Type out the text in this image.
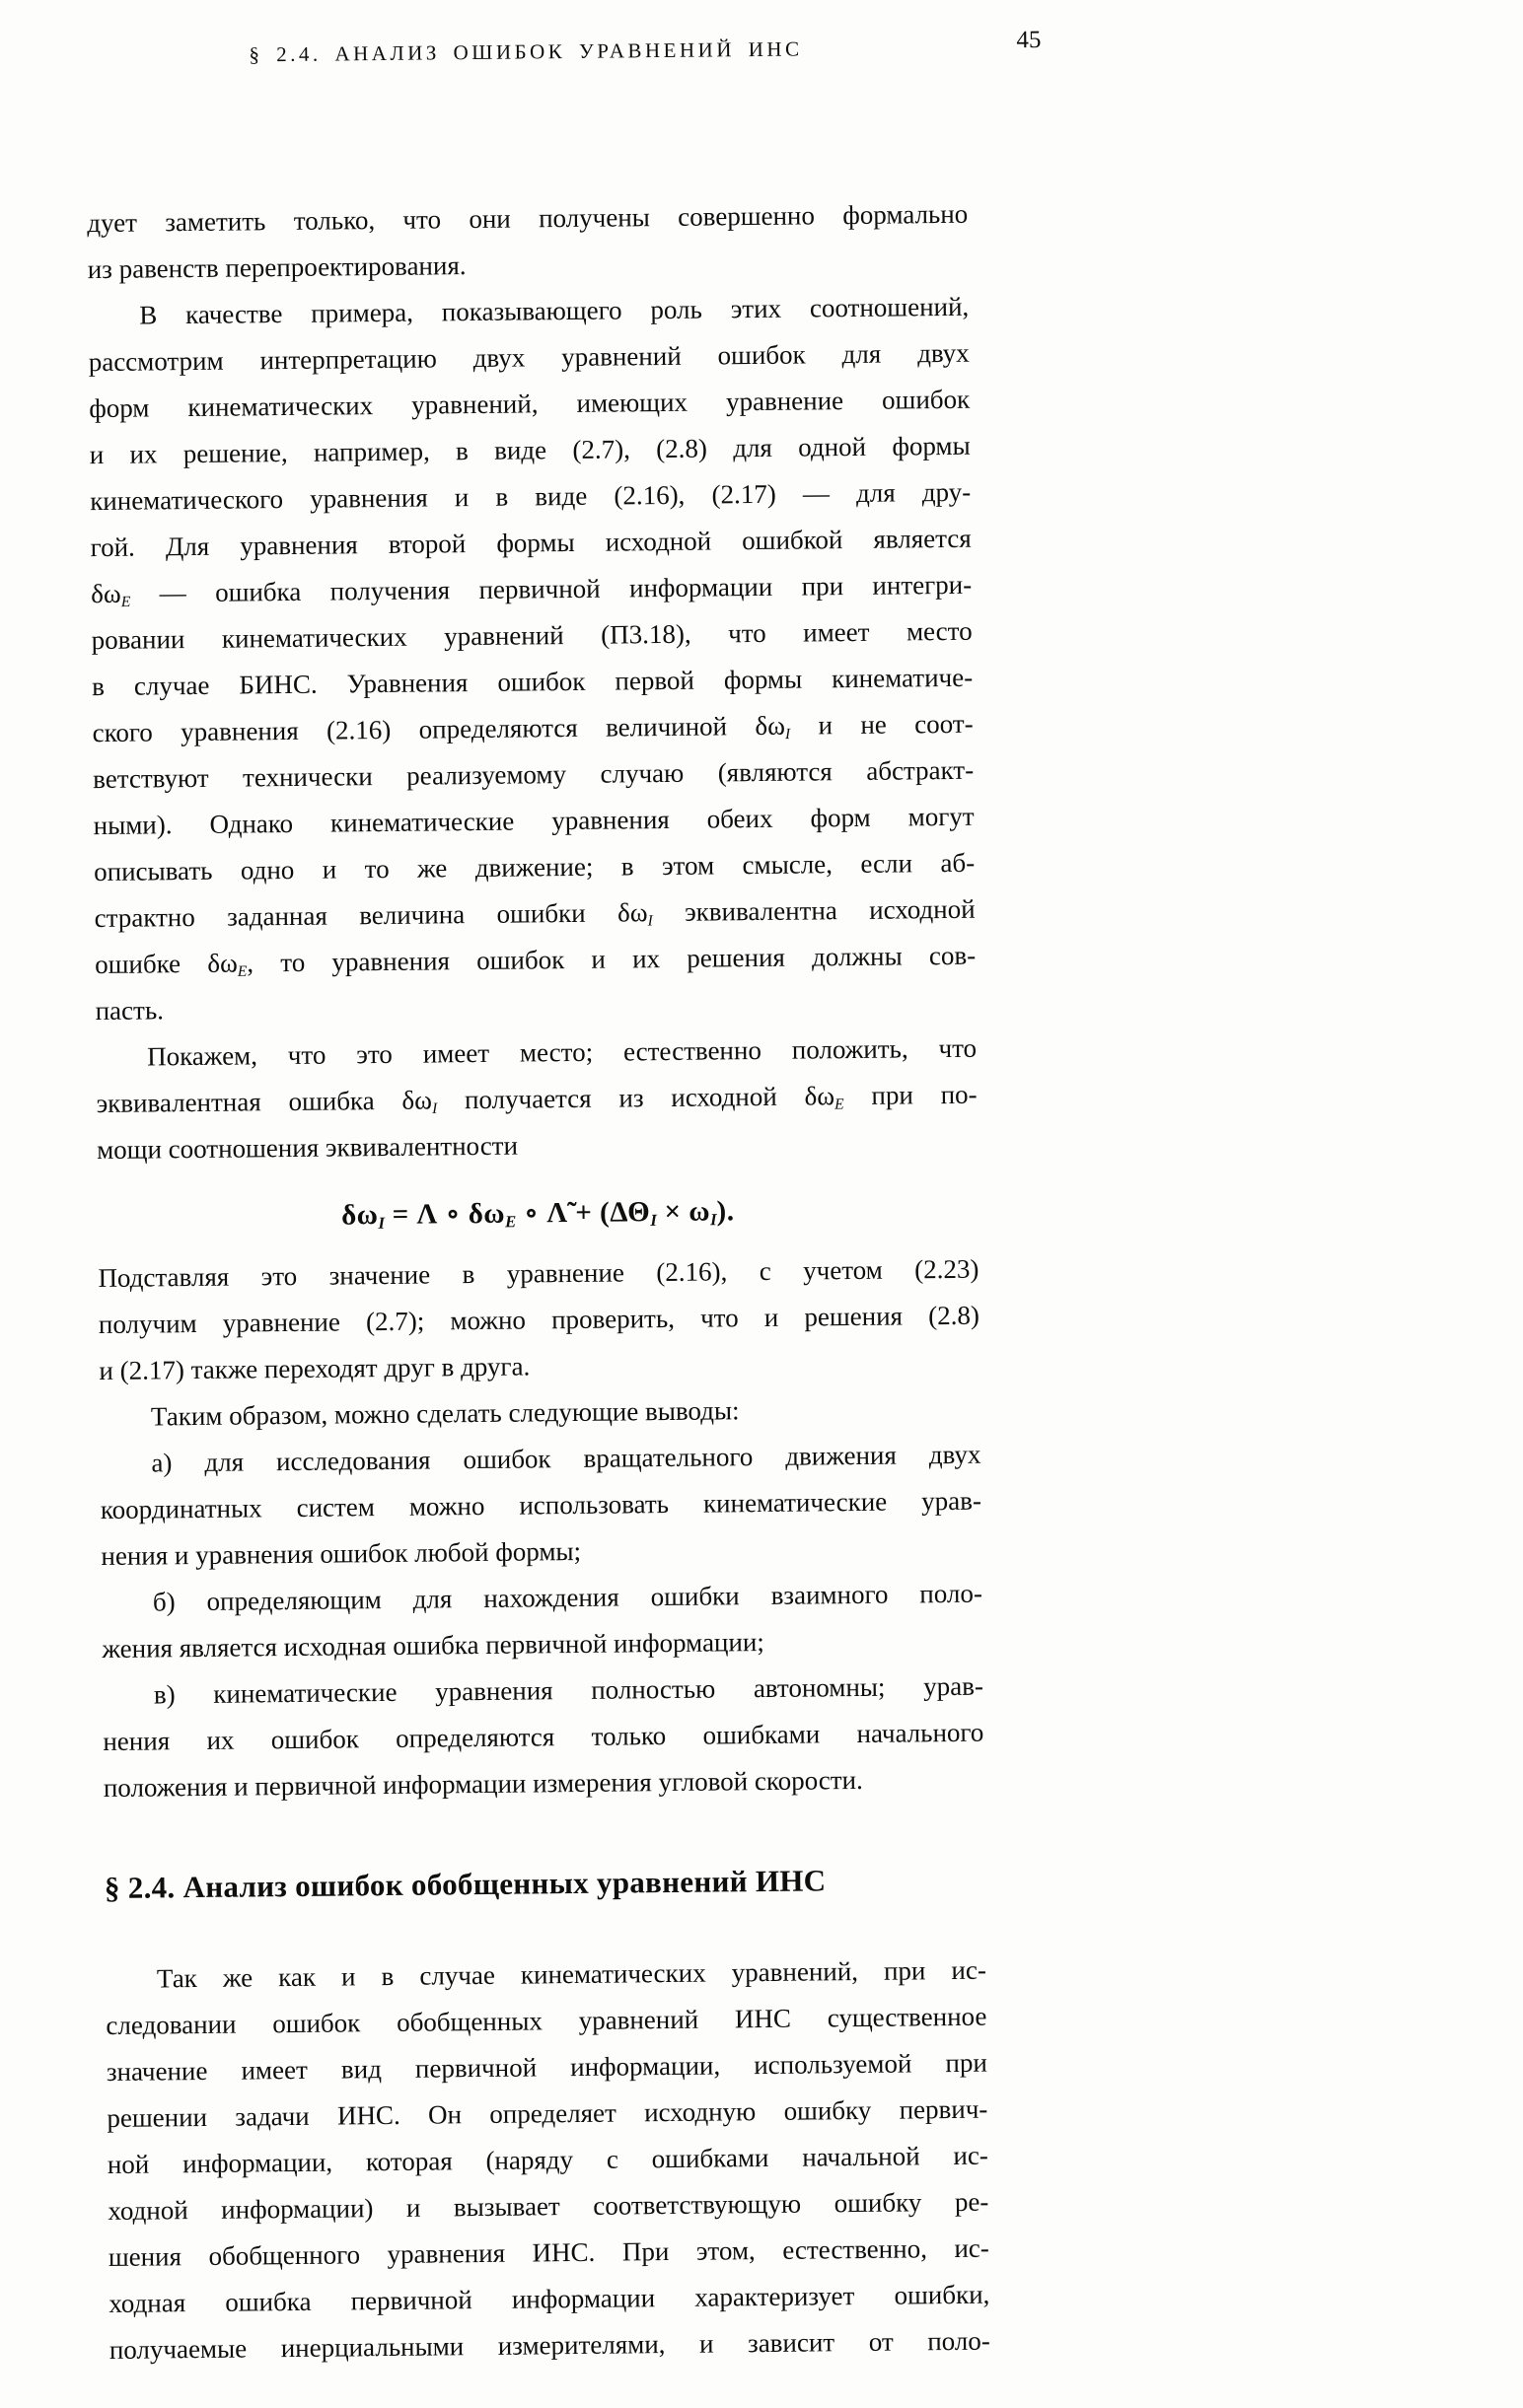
§ 2.4. АНАЛИЗ ОШИБОК УРАВНЕНИЙ ИНС	45
дует заметить только, что они получены совершенно формально
из равенств перепроектирования.
В качестве примера, показывающего роль этих соотношений,
рассмотрим интерпретацию двух уравнений ошибок для двух
форм кинематических уравнений, имеющих уравнение ошибок
и их решение, например, в виде (2.7), (2.8) для одной формы
кинематического уравнения и в виде (2.16), (2.17) — для дру-
гой. Для уравнения второй формы исходной ошибкой является
$\delta\omega_E$ — ошибка получения первичной информации при интегри-
ровании кинематических уравнений (П3.18), что имеет место
в случае БИНС. Уравнения ошибок первой формы кинематиче-
ского уравнения (2.16) определяются величиной $\delta\omega_I$ и не соот-
ветствуют технически реализуемому случаю (являются абстракт-
ными). Однако кинематические уравнения обеих форм могут
описывать одно и то же движение; в этом смысле, если аб-
страктно заданная величина ошибки $\delta\omega_I$ эквивалентна исходной
ошибке $\delta\omega_E$, то уравнения ошибок и их решения должны сов-
пасть.
Покажем, что это имеет место; естественно положить, что
эквивалентная ошибка $\delta\omega_I$ получается из исходной $\delta\omega_E$ при по-
мощи соотношения эквивалентности
$\delta\omega_I = \Lambda$ ∘ $\delta\omega_E$ ∘ Λ̃ + $(\Delta\Theta_I \times \omega_I)$.
Подставляя это значение в уравнение (2.16), с учетом (2.23)
получим уравнение (2.7); можно проверить, что и решения (2.8)
и (2.17) также переходят друг в друга.
Таким образом, можно сделать следующие выводы:
а) для исследования ошибок вращательного движения двух
координатных систем можно использовать кинематические урав-
нения и уравнения ошибок любой формы;
б) определяющим для нахождения ошибки взаимного поло-
жения является исходная ошибка первичной информации;
в) кинематические уравнения полностью автономны; урав-
нения их ошибок определяются только ошибками начального
положения и первичной информации измерения угловой скорости.
§ 2.4. Анализ ошибок обобщенных уравнений ИНС
Так же как и в случае кинематических уравнений, при ис-
следовании ошибок обобщенных уравнений ИНС существенное
значение имеет вид первичной информации, используемой при
решении задачи ИНС. Он определяет исходную ошибку первич-
ной информации, которая (наряду с ошибками начальной ис-
ходной информации) и вызывает соответствующую ошибку ре-
шения обобщенного уравнения ИНС. При этом, естественно, ис-
ходная ошибка первичной информации характеризует ошибки,
получаемые инерциальными измерителями, и зависит от поло-
